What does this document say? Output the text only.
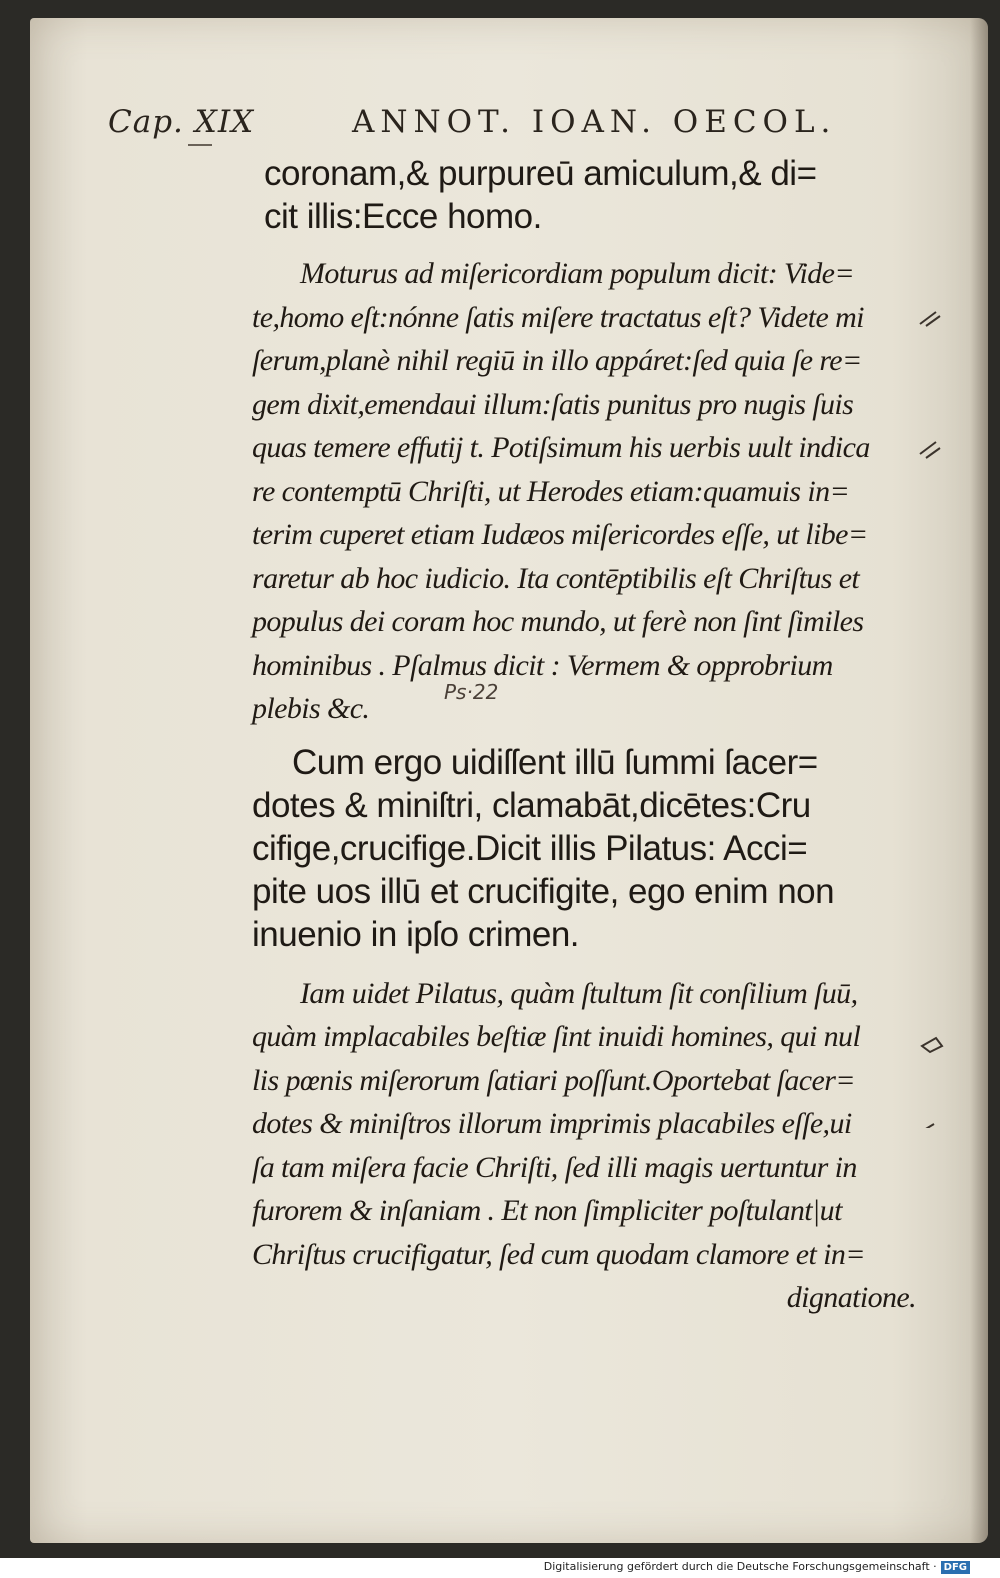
Cap. XIX	ANNOT. IOAN. OECOL.

coronam,& purpureū amiculum,& di=

cit illis:Ecce homo.

Moturus ad miſericordiam populum dicit: Vide=

te,homo eſt:nónne ſatis miſere tractatus eſt? Videte mi

ſerum,planè nihil regiū in illo appáret:ſed quia ſe re=

gem dixit,emendaui illum:ſatis punitus pro nugis ſuis

quas temere effutij t. Potiſsimum his uerbis uult indica

re contemptū Chriſti, ut Herodes etiam:quamuis in=

terim cuperet etiam Iudæos miſericordes eſſe, ut libe=

raretur ab hoc iudicio. Ita contēptibilis eſt Chriſtus et

populus dei coram hoc mundo, ut ferè non ſint ſimiles

hominibus . Pſalmus dicit : Vermem & opprobrium

plebis &c.

Cum ergo uidiſſent illū ſummi ſacer=

dotes & miniſtri, clamabāt,dicētes:Cru

cifige,crucifige.Dicit illis Pilatus: Acci=

pite uos illū et crucifigite, ego enim non

inuenio in ipſo crimen.

Iam uidet Pilatus, quàm ſtultum ſit conſilium ſuū,

quàm implacabiles beſtiæ ſint inuidi homines, qui nul

lis pœnis miſerorum ſatiari poſſunt.Oportebat ſacer=

dotes & miniſtros illorum imprimis placabiles eſſe,ui

ſa tam miſera facie Chriſti, ſed illi magis uertuntur in

furorem & inſaniam . Et non ſimpliciter poſtulant|ut

Chriſtus crucifigatur, ſed cum quodam clamore et in=

dignatione.

Ps·22
Digitalisierung gefördert durch die Deutsche Forschungsgemeinschaft · DFG
